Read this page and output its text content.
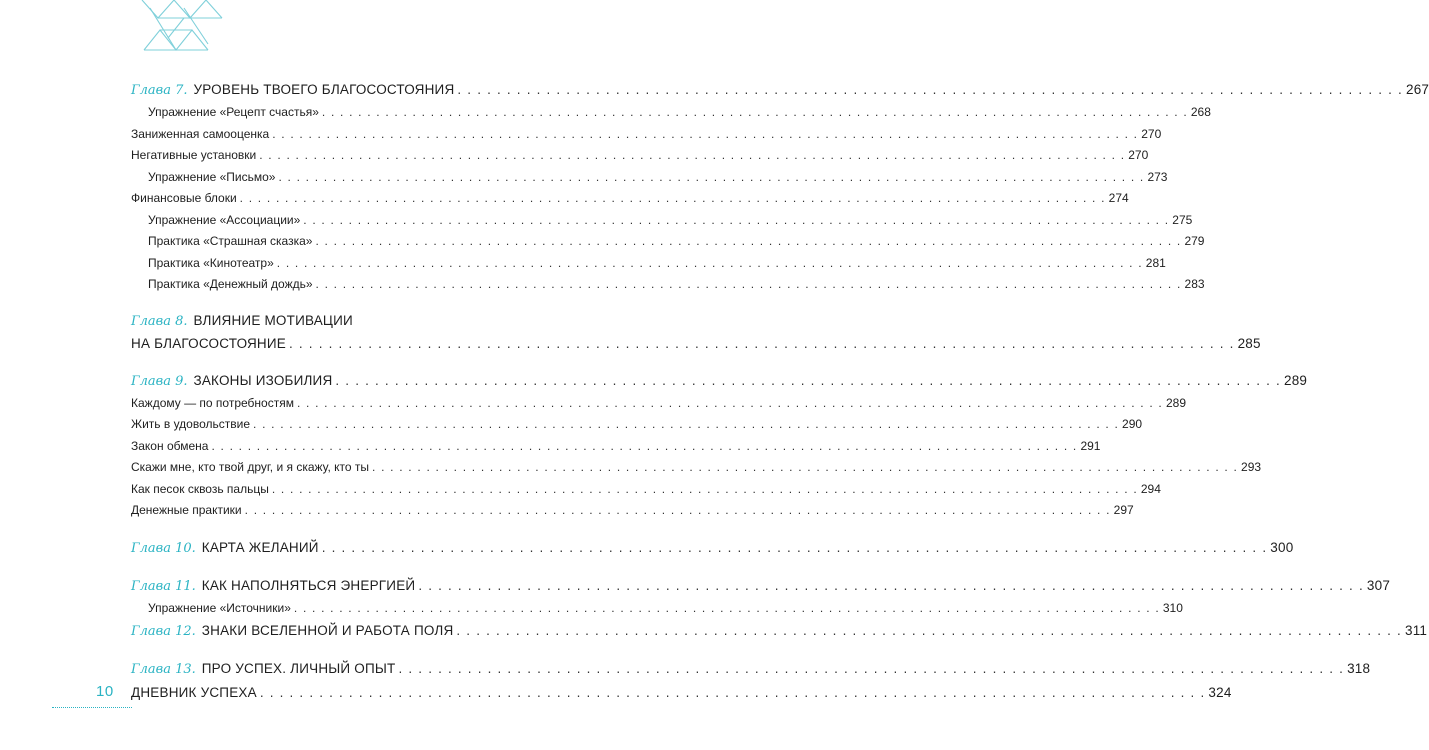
Глава 7. УРОВЕНЬ ТВОЕГО БЛАГОСОСТОЯНИЯ . . . . . . . . . . . . . . . . . . . . . . . . . . . . . . . . . . . . . . . . . . . . . . . . . . . . . . . . . . . . . . . . . . . . . . . . . . . . . . . . . . . . . . . . . . . . . . . . 267
Упражнение «Рецепт счастья» . . . . . . . . . . . . . . . . . . . . . . . . . . . . . . . . . . . . . . . . . . . . . . . . . . . . . . . . . . . . . . . . . . . . . . . . . . . . . . . . . . . . . . . . . . . . . . . . 268
Заниженная самооценка . . . . . . . . . . . . . . . . . . . . . . . . . . . . . . . . . . . . . . . . . . . . . . . . . . . . . . . . . . . . . . . . . . . . . . . . . . . . . . . . . . . . . . . . . . . . . . . . 270
Негативные установки . . . . . . . . . . . . . . . . . . . . . . . . . . . . . . . . . . . . . . . . . . . . . . . . . . . . . . . . . . . . . . . . . . . . . . . . . . . . . . . . . . . . . . . . . . . . . . . . 270
Упражнение «Письмо» . . . . . . . . . . . . . . . . . . . . . . . . . . . . . . . . . . . . . . . . . . . . . . . . . . . . . . . . . . . . . . . . . . . . . . . . . . . . . . . . . . . . . . . . . . . . . . . . 273
Финансовые блоки . . . . . . . . . . . . . . . . . . . . . . . . . . . . . . . . . . . . . . . . . . . . . . . . . . . . . . . . . . . . . . . . . . . . . . . . . . . . . . . . . . . . . . . . . . . . . . . . 274
Упражнение «Ассоциации» . . . . . . . . . . . . . . . . . . . . . . . . . . . . . . . . . . . . . . . . . . . . . . . . . . . . . . . . . . . . . . . . . . . . . . . . . . . . . . . . . . . . . . . . . . . . . . . . 275
Практика «Страшная сказка» . . . . . . . . . . . . . . . . . . . . . . . . . . . . . . . . . . . . . . . . . . . . . . . . . . . . . . . . . . . . . . . . . . . . . . . . . . . . . . . . . . . . . . . . . . . . . . . . 279
Практика «Кинотеатр» . . . . . . . . . . . . . . . . . . . . . . . . . . . . . . . . . . . . . . . . . . . . . . . . . . . . . . . . . . . . . . . . . . . . . . . . . . . . . . . . . . . . . . . . . . . . . . . . 281
Практика «Денежный дождь» . . . . . . . . . . . . . . . . . . . . . . . . . . . . . . . . . . . . . . . . . . . . . . . . . . . . . . . . . . . . . . . . . . . . . . . . . . . . . . . . . . . . . . . . . . . . . . . . 283
Глава 8. ВЛИЯНИЕ МОТИВАЦИИ
НА БЛАГОСОСТОЯНИЕ . . . . . . . . . . . . . . . . . . . . . . . . . . . . . . . . . . . . . . . . . . . . . . . . . . . . . . . . . . . . . . . . . . . . . . . . . . . . . . . . . . . . . . . . . . . . . . . . 285
Глава 9. ЗАКОНЫ ИЗОБИЛИЯ . . . . . . . . . . . . . . . . . . . . . . . . . . . . . . . . . . . . . . . . . . . . . . . . . . . . . . . . . . . . . . . . . . . . . . . . . . . . . . . . . . . . . . . . . . . . . . . . 289
Каждому — по потребностям . . . . . . . . . . . . . . . . . . . . . . . . . . . . . . . . . . . . . . . . . . . . . . . . . . . . . . . . . . . . . . . . . . . . . . . . . . . . . . . . . . . . . . . . . . . . . . . . 289
Жить в удовольствие . . . . . . . . . . . . . . . . . . . . . . . . . . . . . . . . . . . . . . . . . . . . . . . . . . . . . . . . . . . . . . . . . . . . . . . . . . . . . . . . . . . . . . . . . . . . . . . . 290
Закон обмена . . . . . . . . . . . . . . . . . . . . . . . . . . . . . . . . . . . . . . . . . . . . . . . . . . . . . . . . . . . . . . . . . . . . . . . . . . . . . . . . . . . . . . . . . . . . . . . . 291
Скажи мне, кто твой друг, и я скажу, кто ты . . . . . . . . . . . . . . . . . . . . . . . . . . . . . . . . . . . . . . . . . . . . . . . . . . . . . . . . . . . . . . . . . . . . . . . . . . . . . . . . . . . . . . . . . . . . . . . . 293
Как песок сквозь пальцы . . . . . . . . . . . . . . . . . . . . . . . . . . . . . . . . . . . . . . . . . . . . . . . . . . . . . . . . . . . . . . . . . . . . . . . . . . . . . . . . . . . . . . . . . . . . . . . . 294
Денежные практики . . . . . . . . . . . . . . . . . . . . . . . . . . . . . . . . . . . . . . . . . . . . . . . . . . . . . . . . . . . . . . . . . . . . . . . . . . . . . . . . . . . . . . . . . . . . . . . . 297
Глава 10. КАРТА ЖЕЛАНИЙ . . . . . . . . . . . . . . . . . . . . . . . . . . . . . . . . . . . . . . . . . . . . . . . . . . . . . . . . . . . . . . . . . . . . . . . . . . . . . . . . . . . . . . . . . . . . . . . . 300
Глава 11. КАК НАПОЛНЯТЬСЯ ЭНЕРГИЕЙ . . . . . . . . . . . . . . . . . . . . . . . . . . . . . . . . . . . . . . . . . . . . . . . . . . . . . . . . . . . . . . . . . . . . . . . . . . . . . . . . . . . . . . . . . . . . . . . . 307
Упражнение «Источники» . . . . . . . . . . . . . . . . . . . . . . . . . . . . . . . . . . . . . . . . . . . . . . . . . . . . . . . . . . . . . . . . . . . . . . . . . . . . . . . . . . . . . . . . . . . . . . . . 310
Глава 12. ЗНАКИ ВСЕЛЕННОЙ И РАБОТА ПОЛЯ . . . . . . . . . . . . . . . . . . . . . . . . . . . . . . . . . . . . . . . . . . . . . . . . . . . . . . . . . . . . . . . . . . . . . . . . . . . . . . . . . . . . . . . . . . . . . . . . 311
Глава 13. ПРО УСПЕХ. ЛИЧНЫЙ ОПЫТ . . . . . . . . . . . . . . . . . . . . . . . . . . . . . . . . . . . . . . . . . . . . . . . . . . . . . . . . . . . . . . . . . . . . . . . . . . . . . . . . . . . . . . . . . . . . . . . . 318
ДНЕВНИК УСПЕХА . . . . . . . . . . . . . . . . . . . . . . . . . . . . . . . . . . . . . . . . . . . . . . . . . . . . . . . . . . . . . . . . . . . . . . . . . . . . . . . . . . . . . . . . . . . . . . . . 324
10
